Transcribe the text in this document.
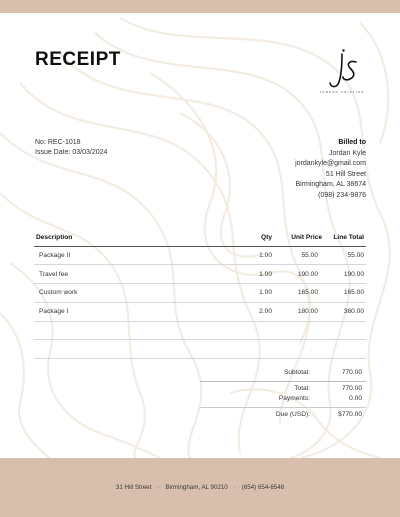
RECEIPT
JORDAN KRISTINE
No: REC-1018
Issue Date: 03/03/2024
Billed to
Jordan Kyle
jordankyle@gmail.com
51 Hill Street
Birmingham, AL 38674
(098) 234-9876
Description	Qty	Unit Price	Line Total
Package II	1.00	55.00	55.00
Travel fee	1.00	190.00	190.00
Custom work	1.00	165.00	165.00
Package I	2.00	180.00	360.00

Subtotal:	770.00
Total:	770.00
Payments:	0.00
Due (USD):	$770.00
31 Hill Street · Birmingham, AL 90210 · (654) 654-6548
